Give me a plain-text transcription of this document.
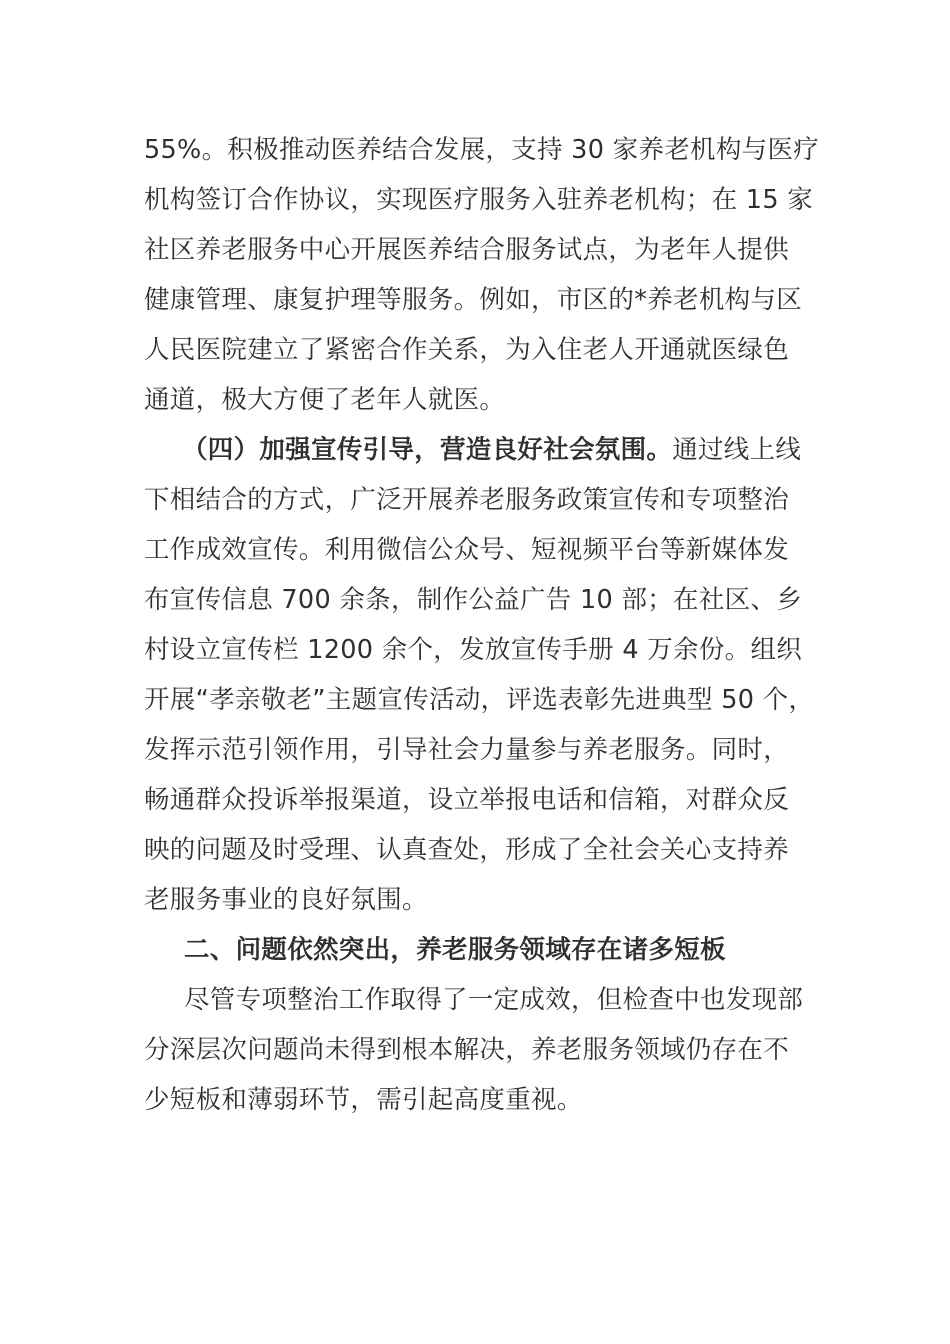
55%。积极推动医养结合发展，支持 30 家养老机构与医疗
机构签订合作协议，实现医疗服务入驻养老机构；在 15 家
社区养老服务中心开展医养结合服务试点，为老年人提供
健康管理、康复护理等服务。例如，市区的*养老机构与区
人民医院建立了紧密合作关系，为入住老人开通就医绿色
通道，极大方便了老年人就医。
（四）加强宣传引导，营造良好社会氛围。通过线上线
下相结合的方式，广泛开展养老服务政策宣传和专项整治
工作成效宣传。利用微信公众号、短视频平台等新媒体发
布宣传信息 700 余条，制作公益广告 10 部；在社区、乡
村设立宣传栏 1200 余个，发放宣传手册 4 万余份。组织
开展“孝亲敬老”主题宣传活动，评选表彰先进典型 50 个，
发挥示范引领作用，引导社会力量参与养老服务。同时，
畅通群众投诉举报渠道，设立举报电话和信箱，对群众反
映的问题及时受理、认真查处，形成了全社会关心支持养
老服务事业的良好氛围。
二、问题依然突出，养老服务领域存在诸多短板
尽管专项整治工作取得了一定成效，但检查中也发现部
分深层次问题尚未得到根本解决，养老服务领域仍存在不
少短板和薄弱环节，需引起高度重视。
